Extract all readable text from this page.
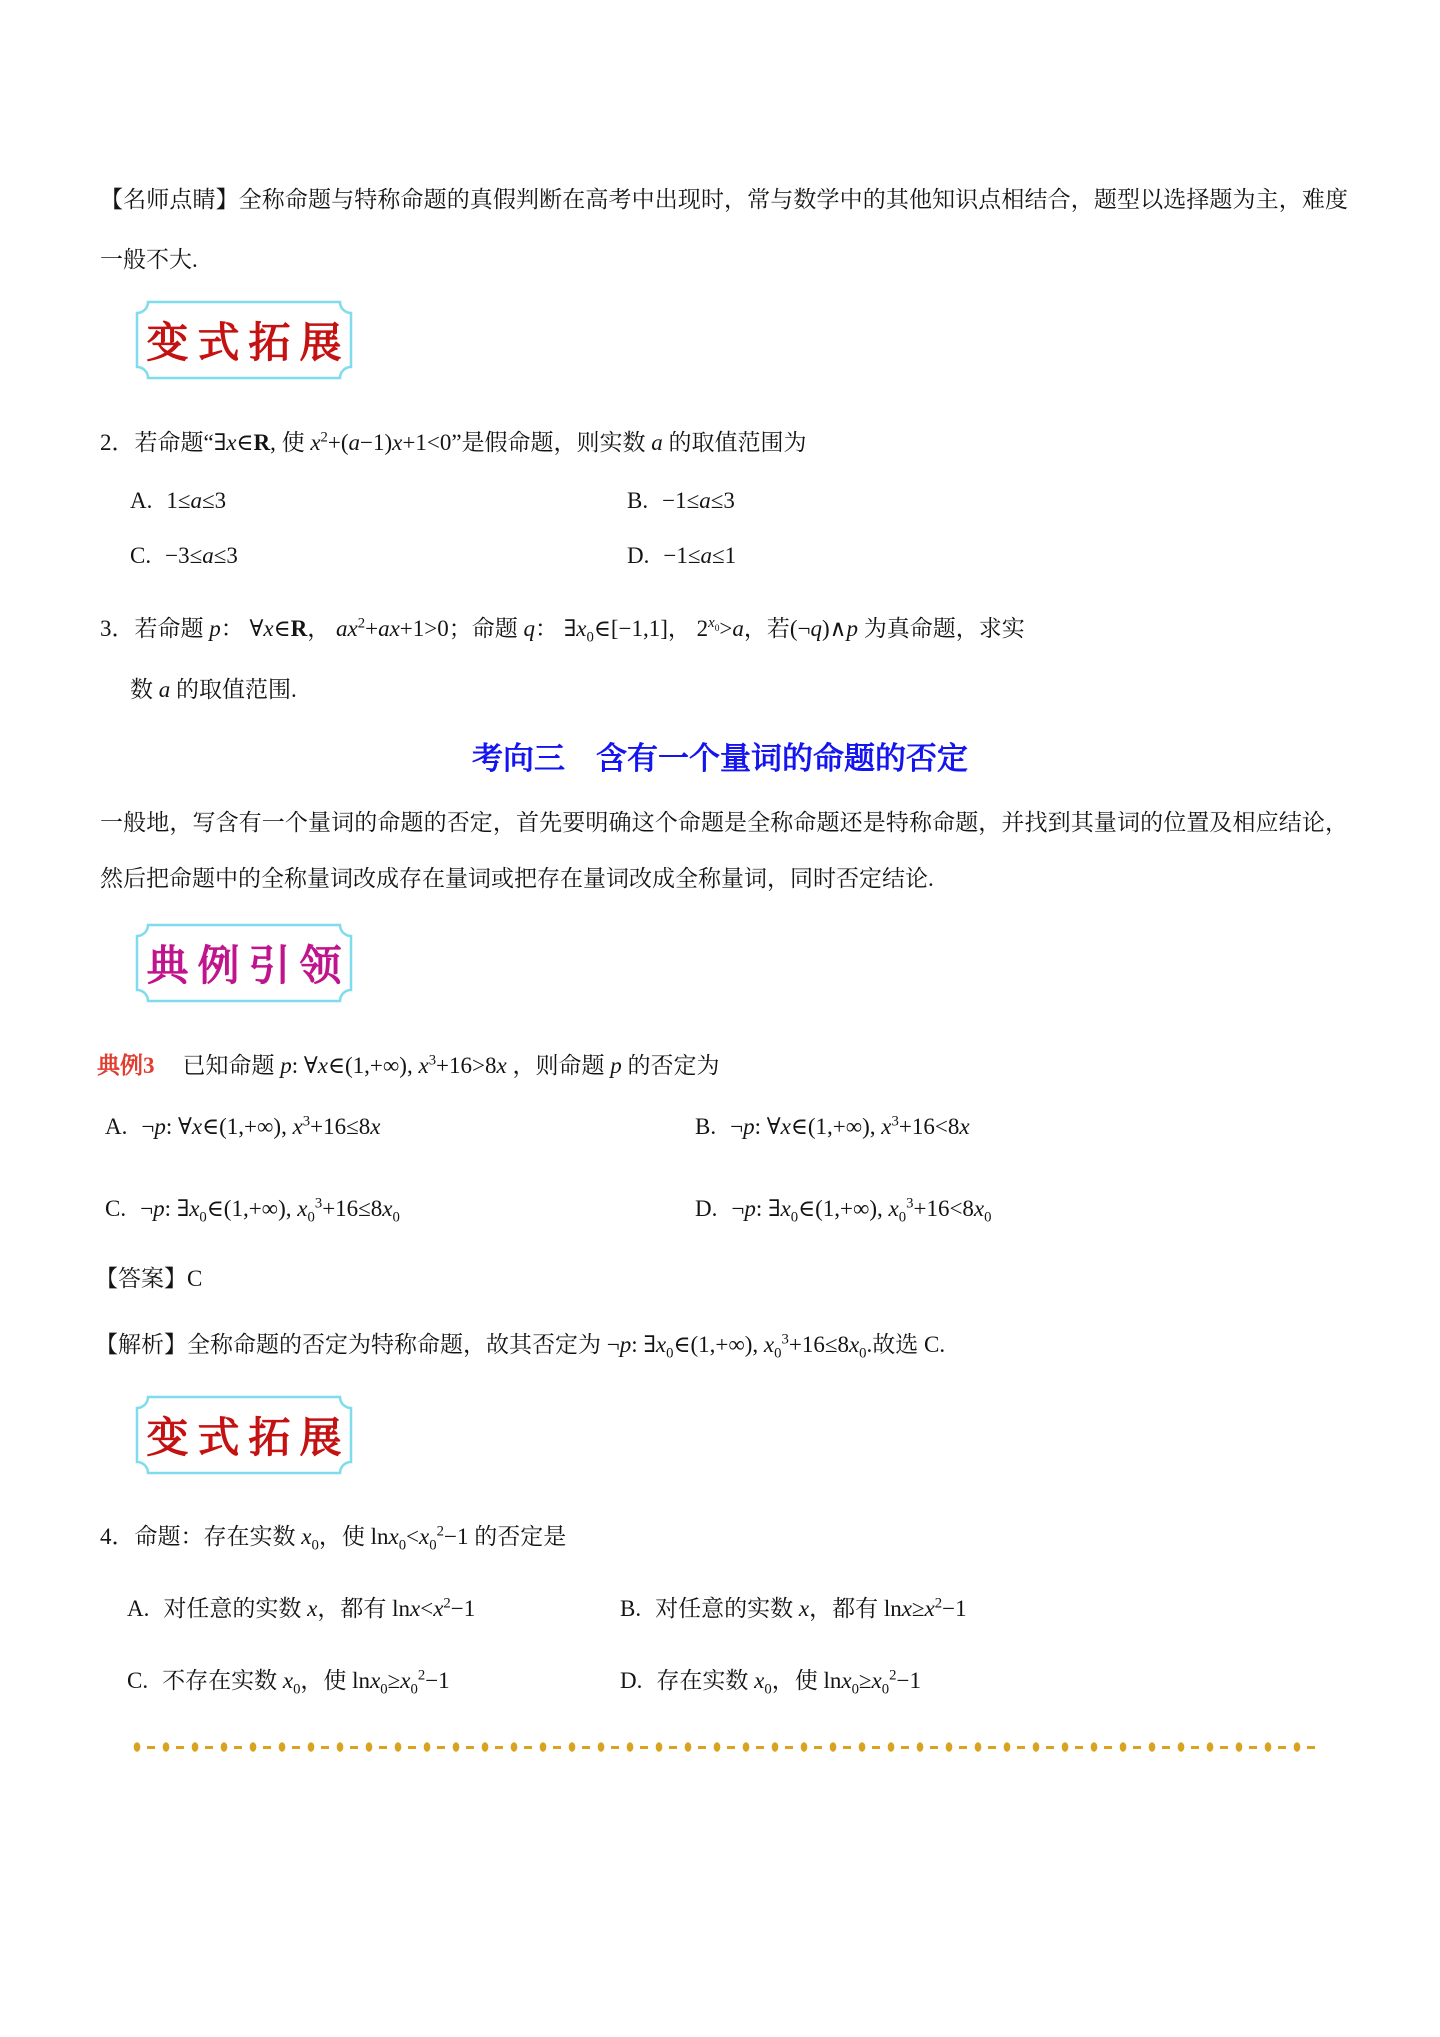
【名师点睛】全称命题与特称命题的真假判断在高考中出现时，常与数学中的其他知识点相结合，题型以选择题为主，难度一般不大.
变式拓展
2．若命题“∃x∈R, 使 $x^2+(a-1)x+1<0$”是假命题，则实数 a 的取值范围为
A. 1≤a≤3	B. −1≤a≤3
C. −3≤a≤3	D. −1≤a≤1
3．若命题 p： ∀x∈R， $ax^2+ax+1>0$；命题 q： $\exists x_0\in[-1,1]$， $2^{x_0}>a$，若(¬q)∧p 为真命题，求实
数 a 的取值范围.
考向三　含有一个量词的命题的否定
一般地，写含有一个量词的命题的否定，首先要明确这个命题是全称命题还是特称命题，并找到其量词的位置及相应结论，然后把命题中的全称量词改成存在量词或把存在量词改成全称量词，同时否定结论.
典例引领
典例3 已知命题 p: ∀x∈(1,+∞), $x^3+16>8x$ ，则命题 p 的否定为
A. ¬p: ∀x∈(1,+∞), $x^3+16\le 8x$	B. ¬p: ∀x∈(1,+∞), $x^3+16<8x$
C. ¬p: $\exists x_0\in(1,+\infty)$, $x_0^3+16\le 8x_0$	D. ¬p: $\exists x_0\in(1,+\infty)$, $x_0^3+16<8x_0$
【答案】C
【解析】全称命题的否定为特称命题，故其否定为 ¬p: $\exists x_0\in(1,+\infty)$, $x_0^3+16\le 8x_0$.故选 C.
变式拓展
4．命题：存在实数 $x_0$，使 $\ln x_0<x_0^2-1$ 的否定是
A. 对任意的实数 x，都有 $\ln x<x^2-1$	B. 对任意的实数 x，都有 $\ln x\ge x^2-1$
C. 不存在实数 $x_0$，使 $\ln x_0\ge x_0^2-1$	D. 存在实数 $x_0$，使 $\ln x_0\ge x_0^2-1$
